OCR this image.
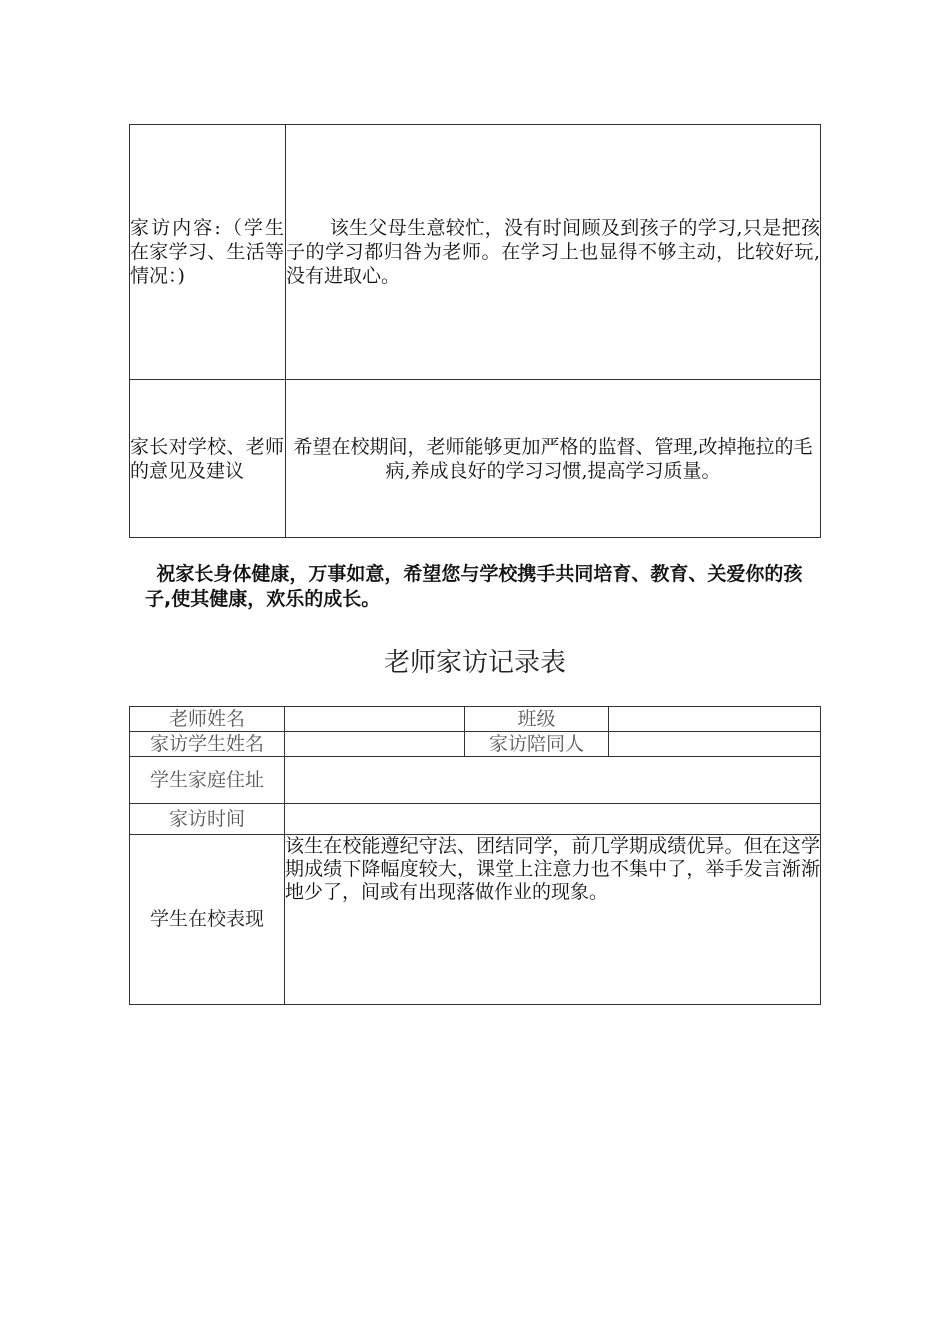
家访内容:（学生在家学习、生活等情况：)	该生父母生意较忙，没有时间顾及到孩子的学习,只是把孩子的学习都归咎为老师。在学习上也显得不够主动，比较好玩,没有进取心。
家长对学校、老师的意见及建议	希望在校期间，老师能够更加严格的监督、管理,改掉拖拉的毛病,养成良好的学习习惯,提高学习质量。
祝家长身体健康，万事如意，希望您与学校携手共同培育、教育、关爱你的孩子,使其健康，欢乐的成长。
老师家访记录表
老师姓名		班级	
家访学生姓名		家访陪同人	
学生家庭住址			
家访时间			
学生在校表现	该生在校能遵纪守法、团结同学，前几学期成绩优异。但在这学期成绩下降幅度较大，课堂上注意力也不集中了，举手发言渐渐地少了，间或有出现落做作业的现象。		
